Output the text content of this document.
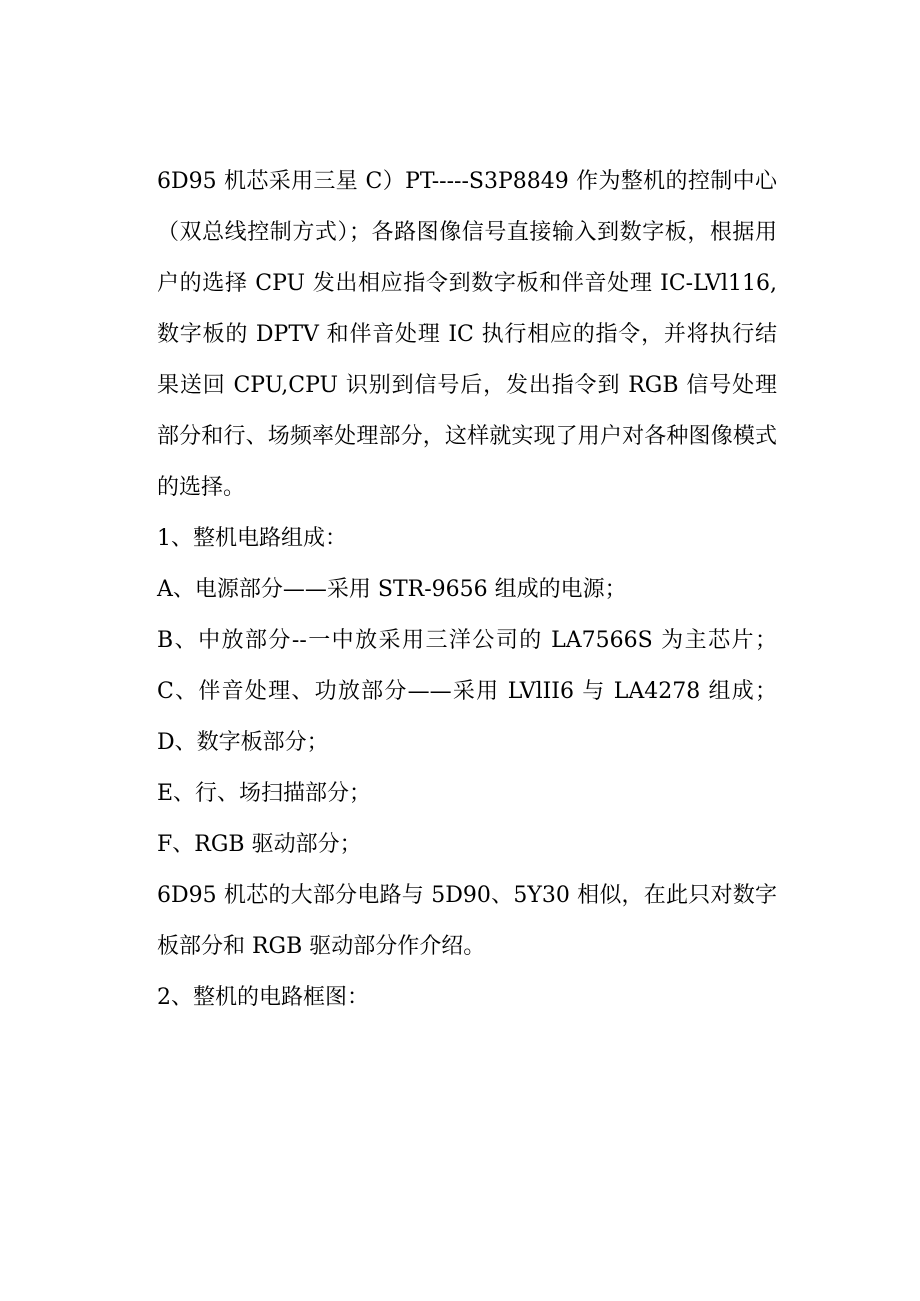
6D95 机芯采用三星 C）PT-----S3P8849 作为整机的控制中心（双总线控制方式）；各路图像信号直接输入到数字板，根据用户的选择 CPU 发出相应指令到数字板和伴音处理 IC-LVl116,数字板的 DPTV 和伴音处理 IC 执行相应的指令，并将执行结果送回 CPU,CPU 识别到信号后，发出指令到 RGB 信号处理部分和行、场频率处理部分，这样就实现了用户对各种图像模式的选择。

1、整机电路组成：

A、电源部分——采用 STR-9656 组成的电源；

B、中放部分--一中放采用三洋公司的 LA7566S 为主芯片；C、伴音处理、功放部分——采用 LVlII6 与 LA4278 组成；D、数字板部分；

E、行、场扫描部分；

F、RGB 驱动部分；

6D95 机芯的大部分电路与 5D90、5Y30 相似，在此只对数字板部分和 RGB 驱动部分作介绍。

2、整机的电路框图：
